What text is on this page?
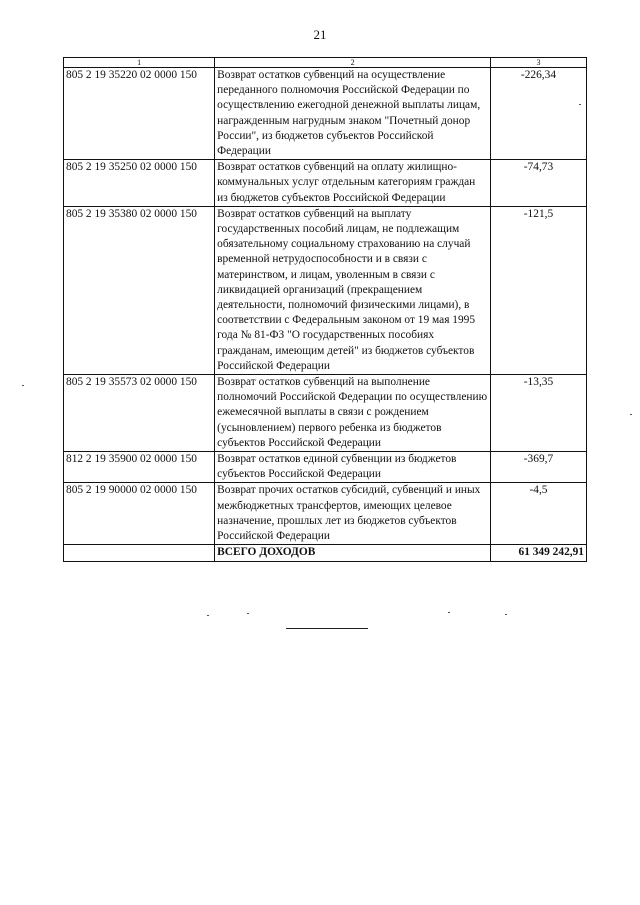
21
1	2	3
805 2 19 35220 02 0000 150	Возврат остатков субвенций на осуществление переданного полномочия Российской Федерации по осуществлению ежегодной денежной выплаты лицам, награжденным нагрудным знаком "Почетный донор России", из бюджетов субъектов Российской Федерации	-226,34
805 2 19 35250 02 0000 150	Возврат остатков субвенций на оплату жилищно-коммунальных услуг отдельным категориям граждан из бюджетов субъектов Российской Федерации	-74,73
805 2 19 35380 02 0000 150	Возврат остатков субвенций на выплату государственных пособий лицам, не подлежащим обязательному социальному страхованию на случай временной нетрудоспособности и в связи с материнством, и лицам, уволенным в связи с ликвидацией организаций (прекращением деятельности, полномочий физическими лицами), в соответствии с Федеральным законом от 19 мая 1995 года № 81-ФЗ "О государственных пособиях гражданам, имеющим детей" из бюджетов субъектов Российской Федерации	-121,5
805 2 19 35573 02 0000 150	Возврат остатков субвенций на выполнение полномочий Российской Федерации по осуществлению ежемесячной выплаты в связи с рождением (усыновлением) первого ребенка из бюджетов субъектов Российской Федерации	-13,35
812 2 19 35900 02 0000 150	Возврат остатков единой субвенции из бюджетов субъектов Российской Федерации	-369,7
805 2 19 90000 02 0000 150	Возврат прочих остатков субсидий, субвенций и иных межбюджетных трансфертов, имеющих целевое назначение, прошлых лет из бюджетов субъектов Российской Федерации	-4,5
	ВСЕГО ДОХОДОВ	61 349 242,91
